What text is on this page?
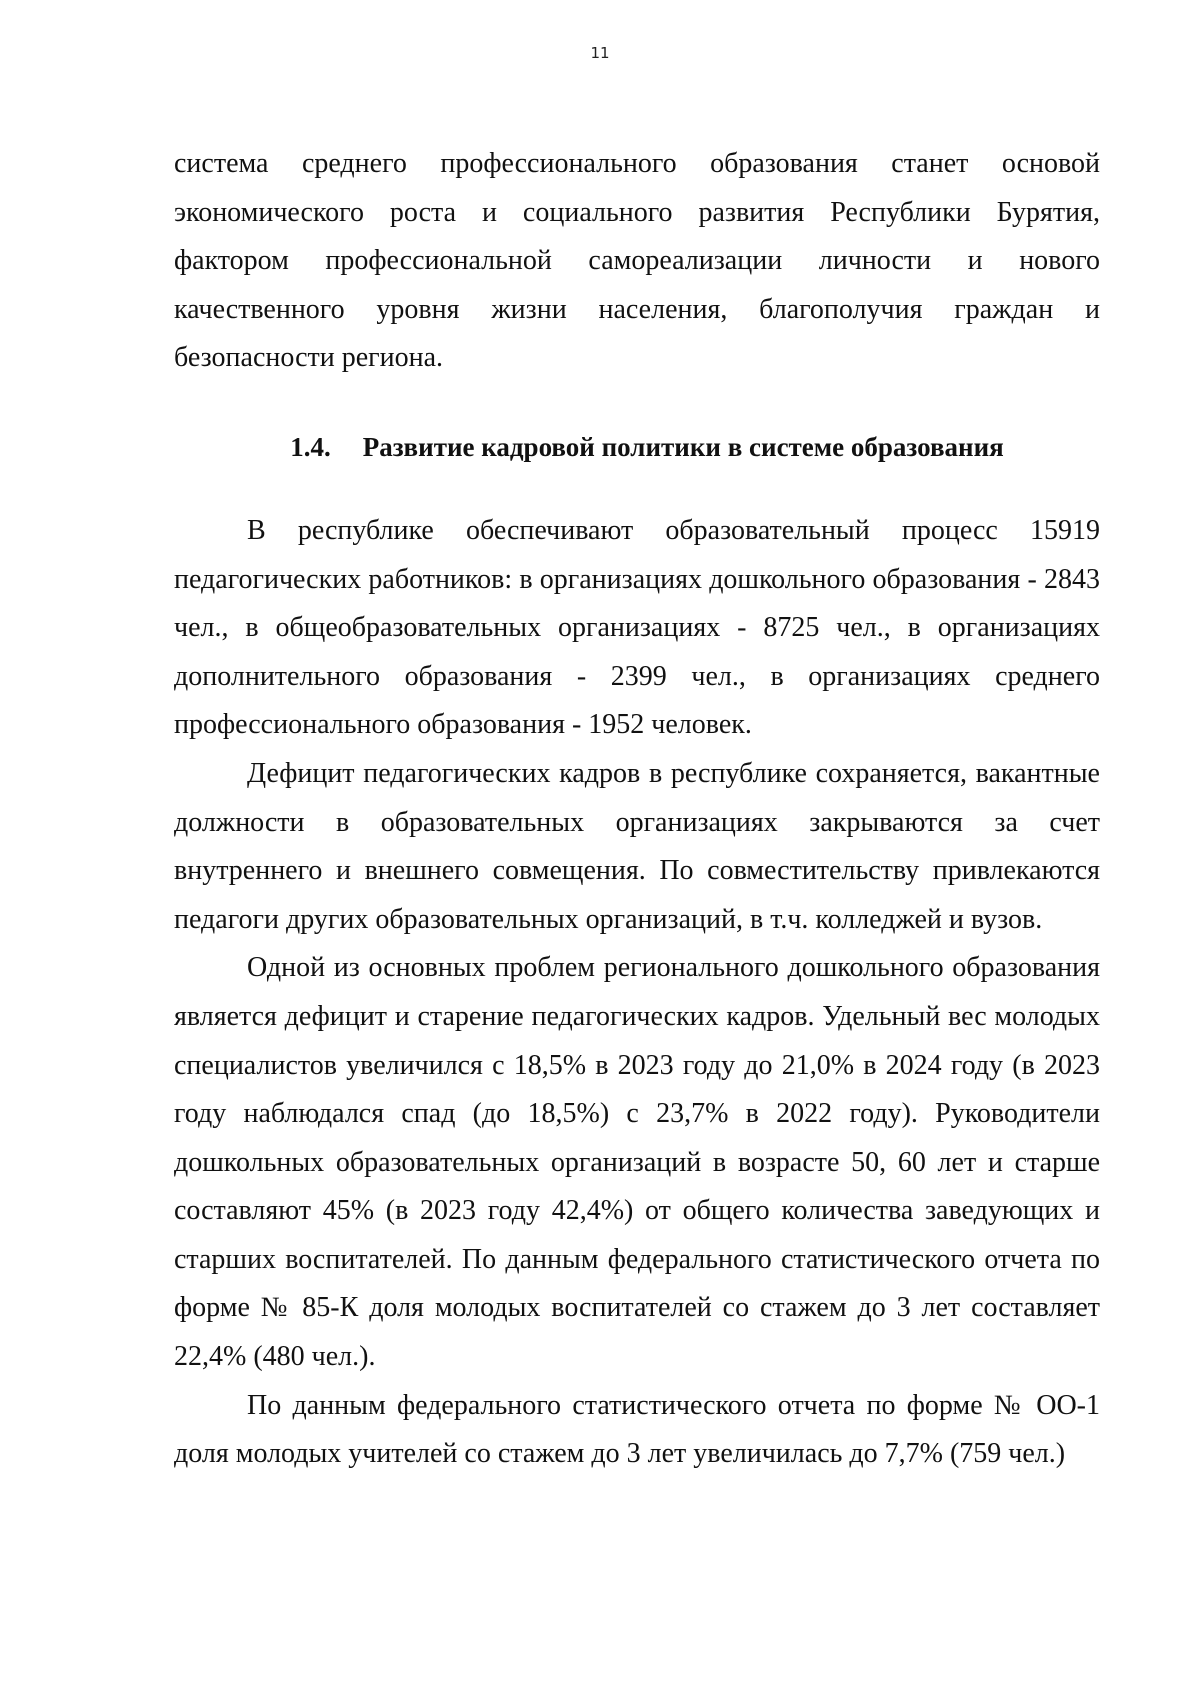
11

система среднего профессионального образования станет основой экономического роста и социального развития Республики Бурятия, фактором профессиональной самореализации личности и нового качественного уровня жизни населения, благополучия граждан и безопасности региона.

1.4. Развитие кадровой политики в системе образования

В республике обеспечивают образовательный процесс 15919 педагогических работников: в организациях дошкольного образования - 2843 чел., в общеобразовательных организациях - 8725 чел., в организациях дополнительного образования - 2399 чел., в организациях среднего профессионального образования - 1952 человек.

Дефицит педагогических кадров в республике сохраняется, вакантные должности в образовательных организациях закрываются за счет внутреннего и внешнего совмещения. По совместительству привлекаются педагоги других образовательных организаций, в т.ч. колледжей и вузов.

Одной из основных проблем регионального дошкольного образования является дефицит и старение педагогических кадров. Удельный вес молодых специалистов увеличился с 18,5% в 2023 году до 21,0% в 2024 году (в 2023 году наблюдался спад (до 18,5%) с 23,7% в 2022 году). Руководители дошкольных образовательных организаций в возрасте 50, 60 лет и старше составляют 45% (в 2023 году 42,4%) от общего количества заведующих и старших воспитателей. По данным федерального статистического отчета по форме № 85-К доля молодых воспитателей со стажем до 3 лет составляет 22,4% (480 чел.).

По данным федерального статистического отчета по форме № ОО-1 доля молодых учителей со стажем до 3 лет увеличилась до 7,7% (759 чел.)
